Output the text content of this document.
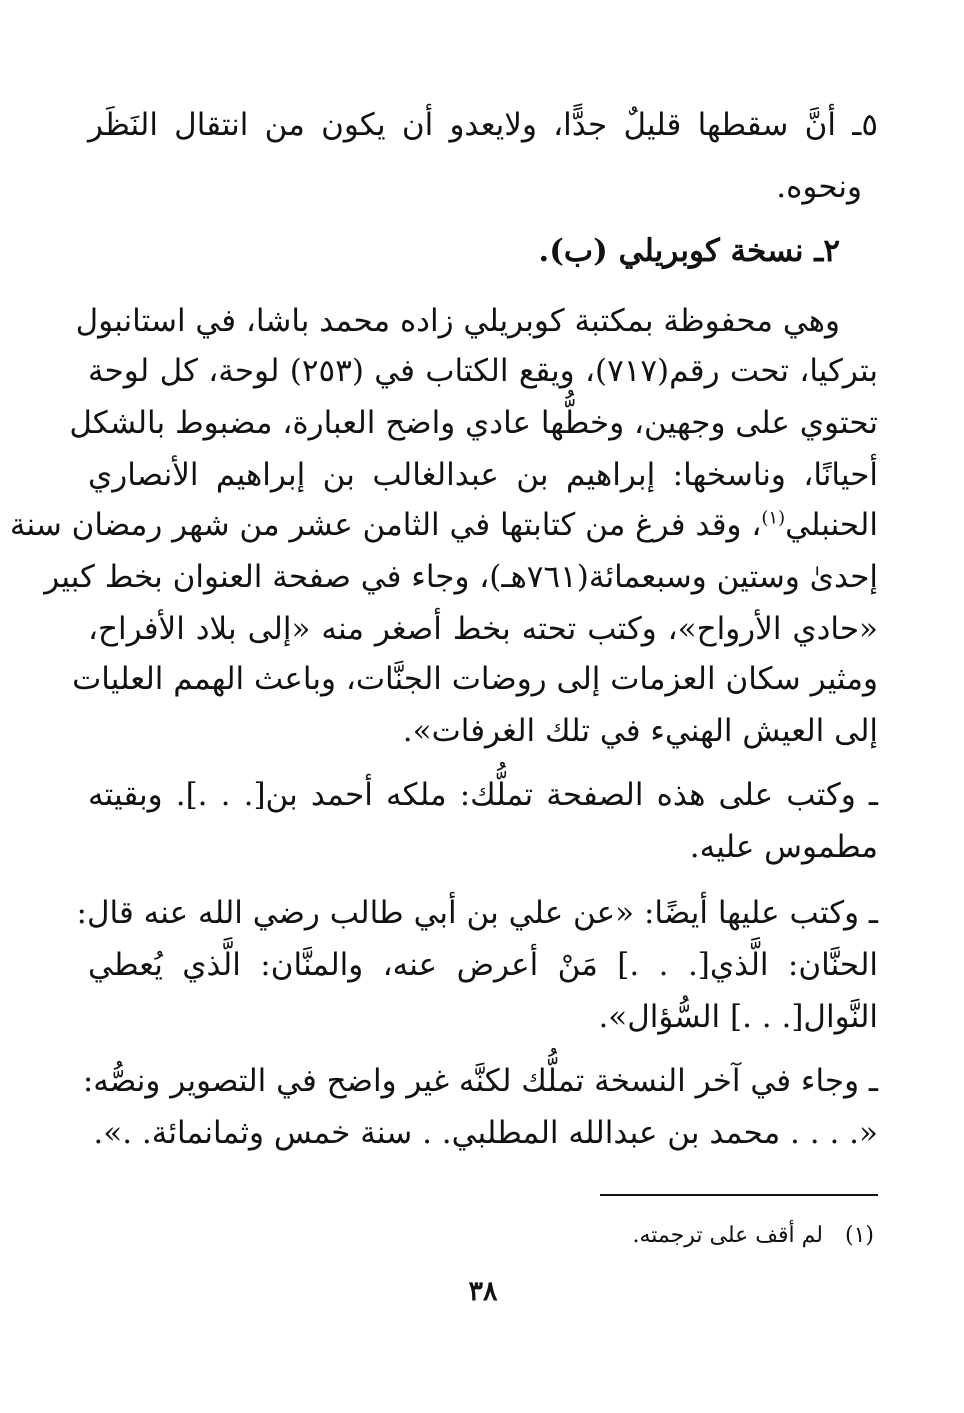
٥ـ أنَّ سقطها قليلٌ جدًّا، ولايعدو أن يكون من انتقال النَظَر
ونحوه.
٢ـ نسخة كوبريلي (ب).
وهي محفوظة بمكتبة كوبريلي زاده محمد باشا، في استانبول
بتركيا، تحت رقم(٧١٧)، ويقع الكتاب في (٢٥٣) لوحة، كل لوحة
تحتوي على وجهين، وخطُّها عادي واضح العبارة، مضبوط بالشكل
أحيانًا، وناسخها: إبراهيم بن عبدالغالب بن إبراهيم الأنصاري
الحنبلي$^{(١)}$، وقد فرغ من كتابتها في الثامن عشر من شهر رمضان سنة
إحدىٰ وستين وسبعمائة(٧٦١هـ)، وجاء في صفحة العنوان بخط كبير
«حادي الأرواح»، وكتب تحته بخط أصغر منه «إلى بلاد الأفراح،
ومثير سكان العزمات إلى روضات الجنَّات، وباعث الهمم العليات
إلى العيش الهنيء في تلك الغرفات».
ـ وكتب على هذه الصفحة تملُّك: ملكه أحمد بن[. . .]. وبقيته
مطموس عليه.
ـ وكتب عليها أيضًا: «عن علي بن أبي طالب رضي الله عنه قال:
الحنَّان: الَّذي[. . .] مَنْ أعرض عنه، والمنَّان: الَّذي يُعطي
النَّوال[. . .] السُّؤال».
ـ وجاء في آخر النسخة تملُّك لكنَّه غير واضح في التصوير ونصُّه:
«. . . . محمد بن عبدالله المطلبي. . سنة خمس وثمانمائة. .».
(١)لم أقف على ترجمته.
٣٨
